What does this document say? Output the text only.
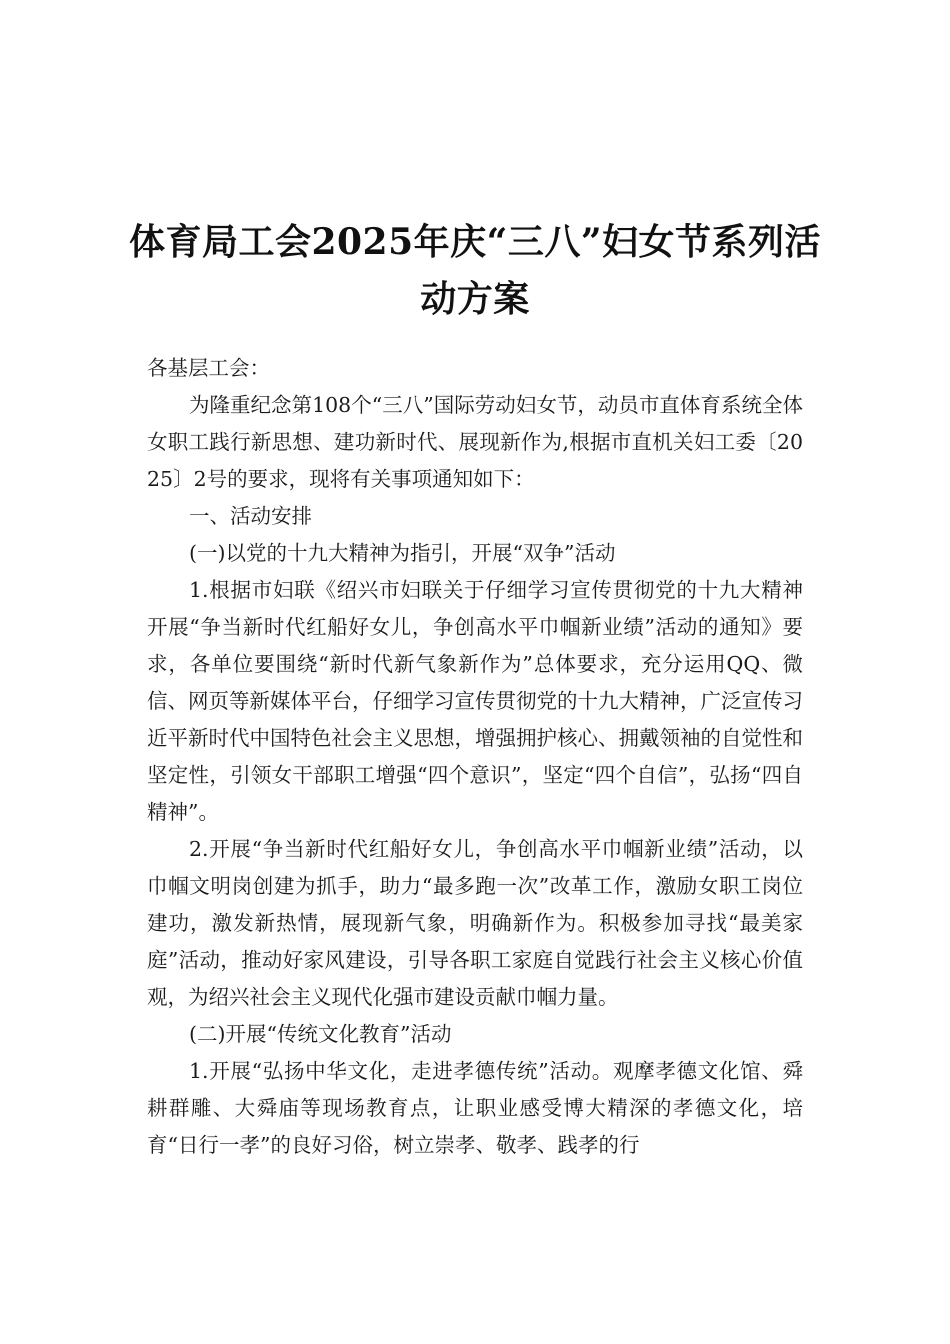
体育局工会2025年庆“三八”妇女节系列活动方案

各基层工会：

为隆重纪念第108个“三八”国际劳动妇女节，动员市直体育系统全体女职工践行新思想、建功新时代、展现新作为,根据市直机关妇工委〔2025〕2号的要求，现将有关事项通知如下：

一、活动安排

(一)以党的十九大精神为指引，开展“双争”活动

1.根据市妇联《绍兴市妇联关于仔细学习宣传贯彻党的十九大精神开展“争当新时代红船好女儿，争创高水平巾帼新业绩”活动的通知》要求，各单位要围绕“新时代新气象新作为”总体要求，充分运用QQ、微信、网页等新媒体平台，仔细学习宣传贯彻党的十九大精神，广泛宣传习近平新时代中国特色社会主义思想，增强拥护核心、拥戴领袖的自觉性和坚定性，引领女干部职工增强“四个意识”，坚定“四个自信”，弘扬“四自精神”。

2.开展“争当新时代红船好女儿，争创高水平巾帼新业绩”活动，以巾帼文明岗创建为抓手，助力“最多跑一次”改革工作，激励女职工岗位建功，激发新热情，展现新气象，明确新作为。积极参加寻找“最美家庭”活动，推动好家风建设，引导各职工家庭自觉践行社会主义核心价值观，为绍兴社会主义现代化强市建设贡献巾帼力量。

(二)开展“传统文化教育”活动

1.开展“弘扬中华文化，走进孝德传统”活动。观摩孝德文化馆、舜耕群雕、大舜庙等现场教育点，让职业感受博大精深的孝德文化，培育“日行一孝”的良好习俗，树立崇孝、敬孝、践孝的行
